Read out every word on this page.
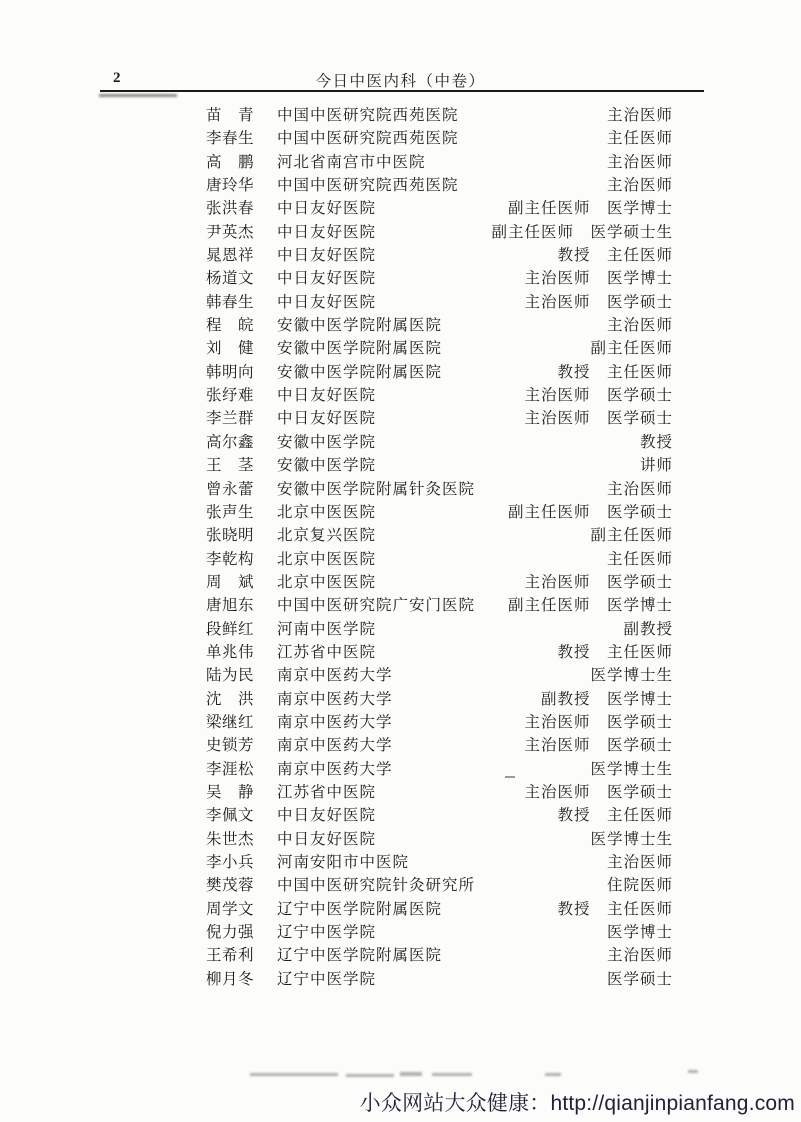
2	今日中医内科（中卷）
苗　青 中国中医研究院西苑医院	主治医师
李春生 中国中医研究院西苑医院	主任医师
高　鹏 河北省南宫市中医院	主治医师
唐玲华 中国中医研究院西苑医院	主治医师
张洪春 中日友好医院	副主任医师　医学博士
尹英杰 中日友好医院	副主任医师　医学硕士生
晁恩祥 中日友好医院	教授　主任医师
杨道文 中日友好医院	主治医师　医学博士
韩春生 中日友好医院	主治医师　医学硕士
程　皖 安徽中医学院附属医院	主治医师
刘　健 安徽中医学院附属医院	副主任医师
韩明向 安徽中医学院附属医院	教授　主任医师
张纾难 中日友好医院	主治医师　医学硕士
李兰群 中日友好医院	主治医师　医学硕士
高尔鑫 安徽中医学院	教授
王　茎 安徽中医学院	讲师
曾永蕾 安徽中医学院附属针灸医院	主治医师
张声生 北京中医医院	副主任医师　医学硕士
张晓明 北京复兴医院	副主任医师
李乾构 北京中医医院	主任医师
周　斌 北京中医医院	主治医师　医学硕士
唐旭东 中国中医研究院广安门医院 副主任医师　医学博士
段鲜红 河南中医学院	副教授
单兆伟 江苏省中医院	教授　主任医师
陆为民 南京中医药大学	医学博士生
沈　洪 南京中医药大学	副教授　医学博士
梁继红 南京中医药大学	主治医师　医学硕士
史锁芳 南京中医药大学	主治医师　医学硕士
李涯松 南京中医药大学	医学博士生
吴　静 江苏省中医院	主治医师　医学硕士
李佩文 中日友好医院	教授　主任医师
朱世杰 中日友好医院	医学博士生
李小兵 河南安阳市中医院	主治医师
樊茂蓉 中国中医研究院针灸研究所	住院医师
周学文 辽宁中医学院附属医院	教授　主任医师
倪力强 辽宁中医学院	医学博士
王希利 辽宁中医学院附属医院	主治医师
柳月冬 辽宁中医学院	医学硕士
小众网站大众健康：http://qianjinpianfang.com
